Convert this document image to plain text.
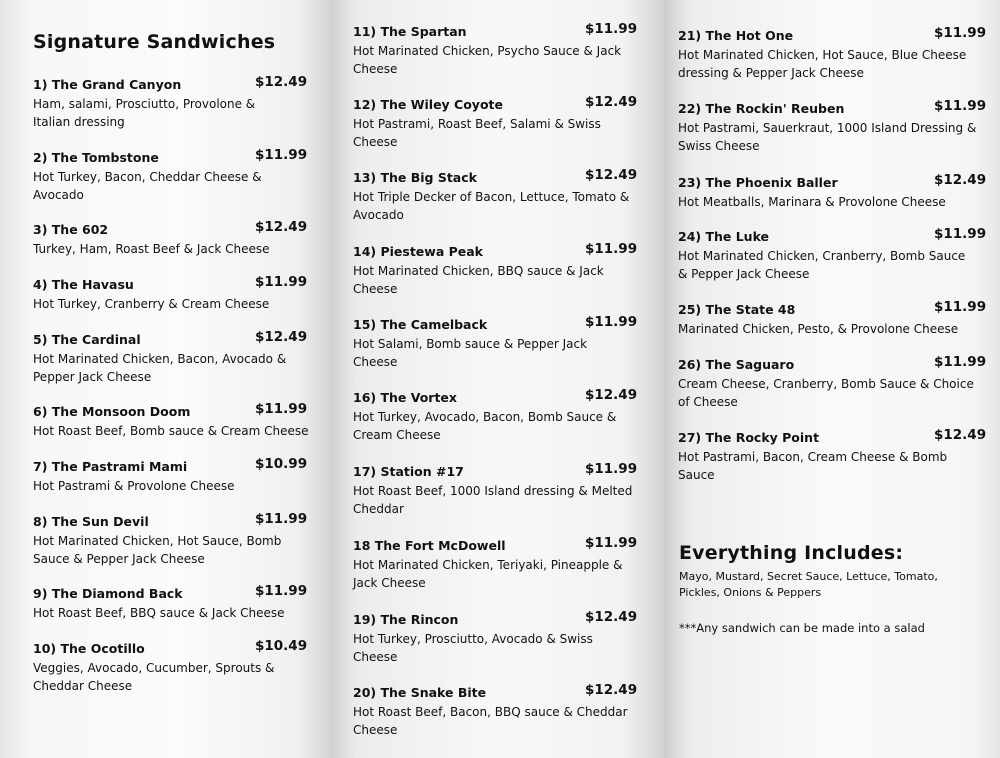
Signature Sandwiches
1) The Grand Canyon	$12.49
Ham, salami, Prosciutto, Provolone & Italian dressing
2) The Tombstone	$11.99
Hot Turkey, Bacon, Cheddar Cheese & Avocado
3) The 602	$12.49
Turkey, Ham, Roast Beef & Jack Cheese
4) The Havasu	$11.99
Hot Turkey, Cranberry & Cream Cheese
5) The Cardinal	$12.49
Hot Marinated Chicken, Bacon, Avocado & Pepper Jack Cheese
6) The Monsoon Doom	$11.99
Hot Roast Beef, Bomb sauce & Cream Cheese
7) The Pastrami Mami	$10.99
Hot Pastrami & Provolone Cheese
8) The Sun Devil	$11.99
Hot Marinated Chicken, Hot Sauce, Bomb Sauce & Pepper Jack Cheese
9) The Diamond Back	$11.99
Hot Roast Beef, BBQ sauce & Jack Cheese
10) The Ocotillo	$10.49
Veggies, Avocado, Cucumber, Sprouts & Cheddar Cheese
11) The Spartan	$11.99
Hot Marinated Chicken, Psycho Sauce & Jack Cheese
12) The Wiley Coyote	$12.49
Hot Pastrami, Roast Beef, Salami & Swiss Cheese
13) The Big Stack	$12.49
Hot Triple Decker of Bacon, Lettuce, Tomato & Avocado
14) Piestewa Peak	$11.99
Hot Marinated Chicken, BBQ sauce & Jack Cheese
15) The Camelback	$11.99
Hot Salami, Bomb sauce & Pepper Jack Cheese
16) The Vortex	$12.49
Hot Turkey, Avocado, Bacon, Bomb Sauce & Cream Cheese
17) Station #17	$11.99
Hot Roast Beef, 1000 Island dressing & Melted Cheddar
18 The Fort McDowell	$11.99
Hot Marinated Chicken, Teriyaki, Pineapple & Jack Cheese
19) The Rincon	$12.49
Hot Turkey, Prosciutto, Avocado & Swiss Cheese
20) The Snake Bite	$12.49
Hot Roast Beef, Bacon, BBQ sauce & Cheddar Cheese
Everything Includes:
Mayo, Mustard, Secret Sauce, Lettuce, Tomato, Pickles, Onions & Peppers
***Any sandwich can be made into a salad
21) The Hot One	$11.99
Hot Marinated Chicken, Hot Sauce, Blue Cheese dressing & Pepper Jack Cheese
22) The Rockin' Reuben	$11.99
Hot Pastrami, Sauerkraut, 1000 Island Dressing & Swiss Cheese
23) The Phoenix Baller	$12.49
Hot Meatballs, Marinara & Provolone Cheese
24) The Luke	$11.99
Hot Marinated Chicken, Cranberry, Bomb Sauce & Pepper Jack Cheese
25) The State 48	$11.99
Marinated Chicken, Pesto, & Provolone Cheese
26) The Saguaro	$11.99
Cream Cheese, Cranberry, Bomb Sauce & Choice of Cheese
27) The Rocky Point	$12.49
Hot Pastrami, Bacon, Cream Cheese & Bomb Sauce
